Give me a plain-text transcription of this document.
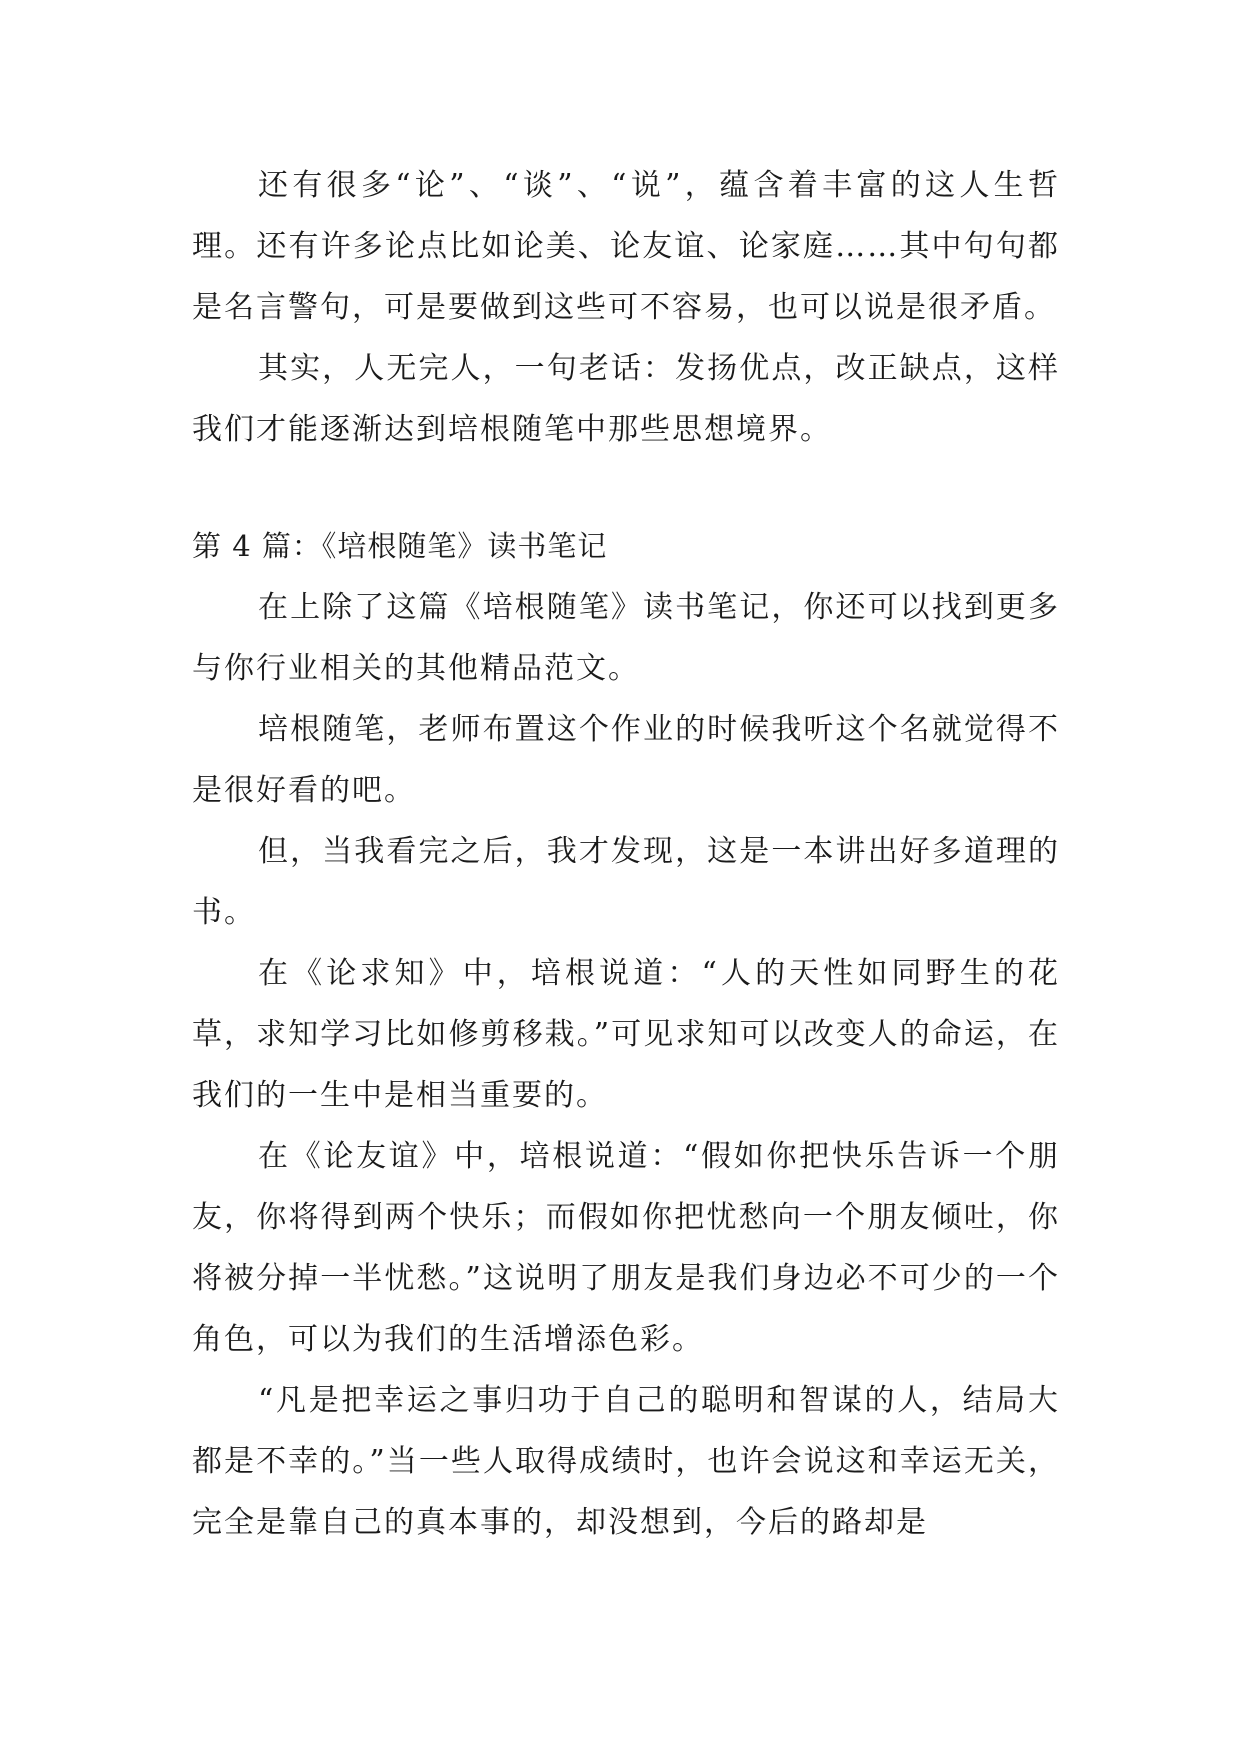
还有很多“论”、“谈”、“说”，蕴含着丰富的这人生哲理。还有许多论点比如论美、论友谊、论家庭……其中句句都是名言警句，可是要做到这些可不容易，也可以说是很矛盾。

其实，人无完人，一句老话：发扬优点，改正缺点，这样我们才能逐渐达到培根随笔中那些思想境界。

第 4 篇：《培根随笔》读书笔记

在上除了这篇《培根随笔》读书笔记，你还可以找到更多与你行业相关的其他精品范文。

培根随笔，老师布置这个作业的时候我听这个名就觉得不是很好看的吧。

但，当我看完之后，我才发现，这是一本讲出好多道理的书。

在《论求知》中，培根说道：“人的天性如同野生的花草，求知学习比如修剪移栽。”可见求知可以改变人的命运，在我们的一生中是相当重要的。

在《论友谊》中，培根说道：“假如你把快乐告诉一个朋友，你将得到两个快乐；而假如你把忧愁向一个朋友倾吐，你将被分掉一半忧愁。”这说明了朋友是我们身边必不可少的一个角色，可以为我们的生活增添色彩。

“凡是把幸运之事归功于自己的聪明和智谋的人，结局大都是不幸的。”当一些人取得成绩时，也许会说这和幸运无关，完全是靠自己的真本事的，却没想到，今后的路却是
